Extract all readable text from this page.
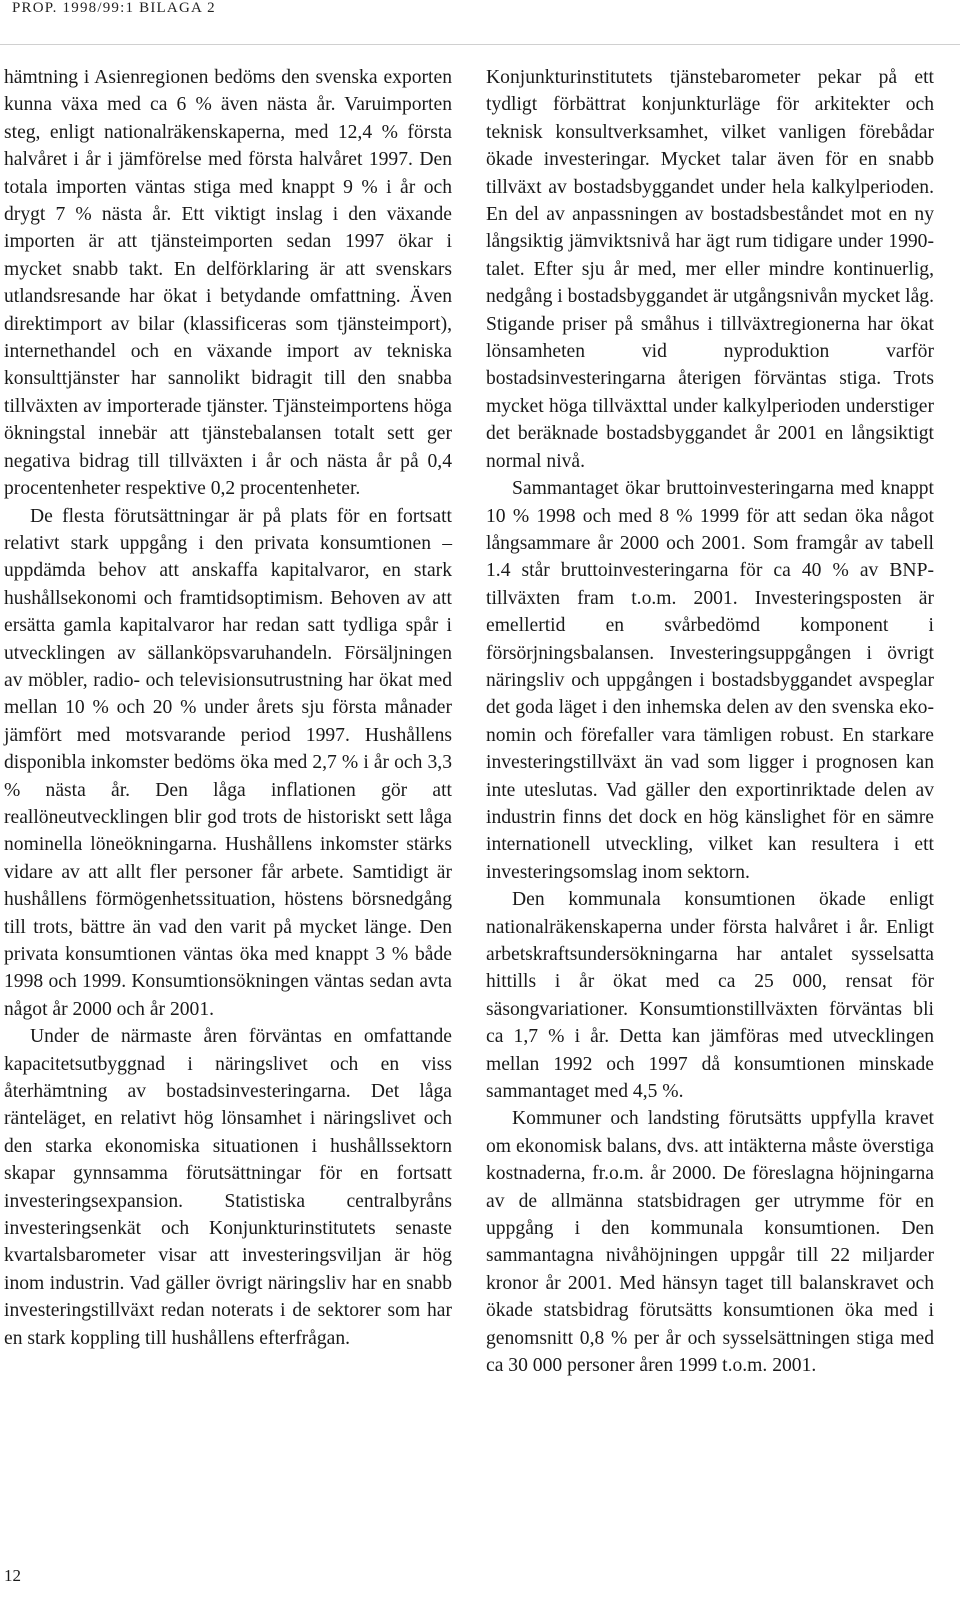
PROP. 1998/99:1 BILAGA 2

hämtning i Asienregionen bedöms den svenska exporten kunna växa med ca 6 % även nästa år. Varuimporten steg, enligt nationalräkenskaperna, med 12,4 % första halvåret i år i jämförelse med första halvåret 1997. Den totala importen väntas stiga med knappt 9 % i år och drygt 7 % nästa år. Ett viktigt inslag i den växande importen är att tjänsteimporten sedan 1997 ökar i mycket snabb takt. En delförklaring är att svenskars utlandsresande har ökat i betydande omfattning. Även direktimport av bilar (klassificeras som tjänsteimport), internethandel och en växande import av tekniska konsulttjänster har sannolikt bidragit till den snabba tillväxten av importerade tjänster. Tjänsteimportens höga ökningstal innebär att tjänstebalansen totalt sett ger negativa bidrag till tillväxten i år och nästa år på 0,4 procentenheter respektive 0,2 procentenheter.

De flesta förutsättningar är på plats för en fortsatt relativt stark uppgång i den privata konsumtionen – uppdämda behov att anskaffa kapitalvaror, en stark hushållsekonomi och framtidsoptimism. Behoven av att ersätta gamla kapitalvaror har redan satt tydliga spår i utvecklingen av sällanköpsvaruhandeln. Försäljningen av möbler, radio- och televisionsutrustning har ökat med mellan 10 % och 20 % under årets sju första månader jämfört med motsvarande period 1997. Hushållens disponibla inkomster bedöms öka med 2,7 % i år och 3,3 % nästa år. Den låga inflationen gör att reallöneutvecklingen blir god trots de historiskt sett låga nominella löneökningarna. Hushållens inkomster stärks vidare av att allt fler personer får arbete. Samtidigt är hushållens förmögenhetssituation, höstens börsnedgång till trots, bättre än vad den varit på mycket länge. Den privata konsumtionen väntas öka med knappt 3 % både 1998 och 1999. Konsumtionsökningen väntas sedan avta något år 2000 och år 2001.

Under de närmaste åren förväntas en omfattande kapacitetsutbyggnad i näringslivet och en viss återhämtning av bostadsinvesteringarna. Det låga ränteläget, en relativt hög lönsamhet i näringslivet och den starka ekonomiska situationen i hushållssektorn skapar gynnsamma förutsättningar för en fortsatt investeringsexpansion. Statistiska centralbyråns investeringsenkät och Konjunkturinstitutets senaste kvartalsbarometer visar att investeringsviljan är hög inom industrin. Vad gäller övrigt näringsliv har en snabb investeringstillväxt redan noterats i de sektorer som har en stark koppling till hushållens efterfrågan.

Konjunkturinstitutets tjänstebarometer pekar på ett tydligt förbättrat konjunkturläge för arkitekter och teknisk konsultverksamhet, vilket vanligen förebådar ökade investeringar. Mycket talar även för en snabb tillväxt av bostadsbyggandet under hela kalkylperioden. En del av anpassningen av bostadsbeståndet mot en ny långsiktig jämviktsnivå har ägt rum tidigare under 1990-talet. Efter sju år med, mer eller mindre kontinuerlig, nedgång i bostadsbyggandet är utgångsnivån mycket låg. Stigande priser på småhus i tillväxtregionerna har ökat lönsamheten vid nyproduktion varför bostadsinvesteringarna återigen förväntas stiga. Trots mycket höga tillväxttal under kalkylperioden understiger det beräknade bostadsbyggandet år 2001 en långsiktigt normal nivå.

Sammantaget ökar bruttoinvesteringarna med knappt 10 % 1998 och med 8 % 1999 för att sedan öka något långsammare år 2000 och 2001. Som framgår av tabell 1.4 står bruttoinvesteringarna för ca 40 % av BNP-tillväxten fram t.o.m. 2001. Investeringsposten är emellertid en svårbedömd komponent i försörjningsbalansen. Investeringsuppgången i övrigt näringsliv och uppgången i bostadsbyggandet avspeglar det goda läget i den inhemska delen av den svenska ekonomin och förefaller vara tämligen robust. En starkare investeringstillväxt än vad som ligger i prognosen kan inte uteslutas. Vad gäller den exportinriktade delen av industrin finns det dock en hög känslighet för en sämre internationell utveckling, vilket kan resultera i ett investeringsomslag inom sektorn.

Den kommunala konsumtionen ökade enligt nationalräkenskaperna under första halvåret i år. Enligt arbetskraftsundersökningarna har antalet sysselsatta hittills i år ökat med ca 25 000, rensat för säsongvariationer. Konsumtionstillväxten förväntas bli ca 1,7 % i år. Detta kan jämföras med utvecklingen mellan 1992 och 1997 då konsumtionen minskade sammantaget med 4,5 %.

Kommuner och landsting förutsätts uppfylla kravet om ekonomisk balans, dvs. att intäkterna måste överstiga kostnaderna, fr.o.m. år 2000. De föreslagna höjningarna av de allmänna statsbidragen ger utrymme för en uppgång i den kommunala konsumtionen. Den sammantagna nivåhöjningen uppgår till 22 miljarder kronor år 2001. Med hänsyn taget till balanskravet och ökade statsbidrag förutsätts konsumtionen öka med i genomsnitt 0,8 % per år och sysselsättningen stiga med ca 30 000 personer åren 1999 t.o.m. 2001.

12
